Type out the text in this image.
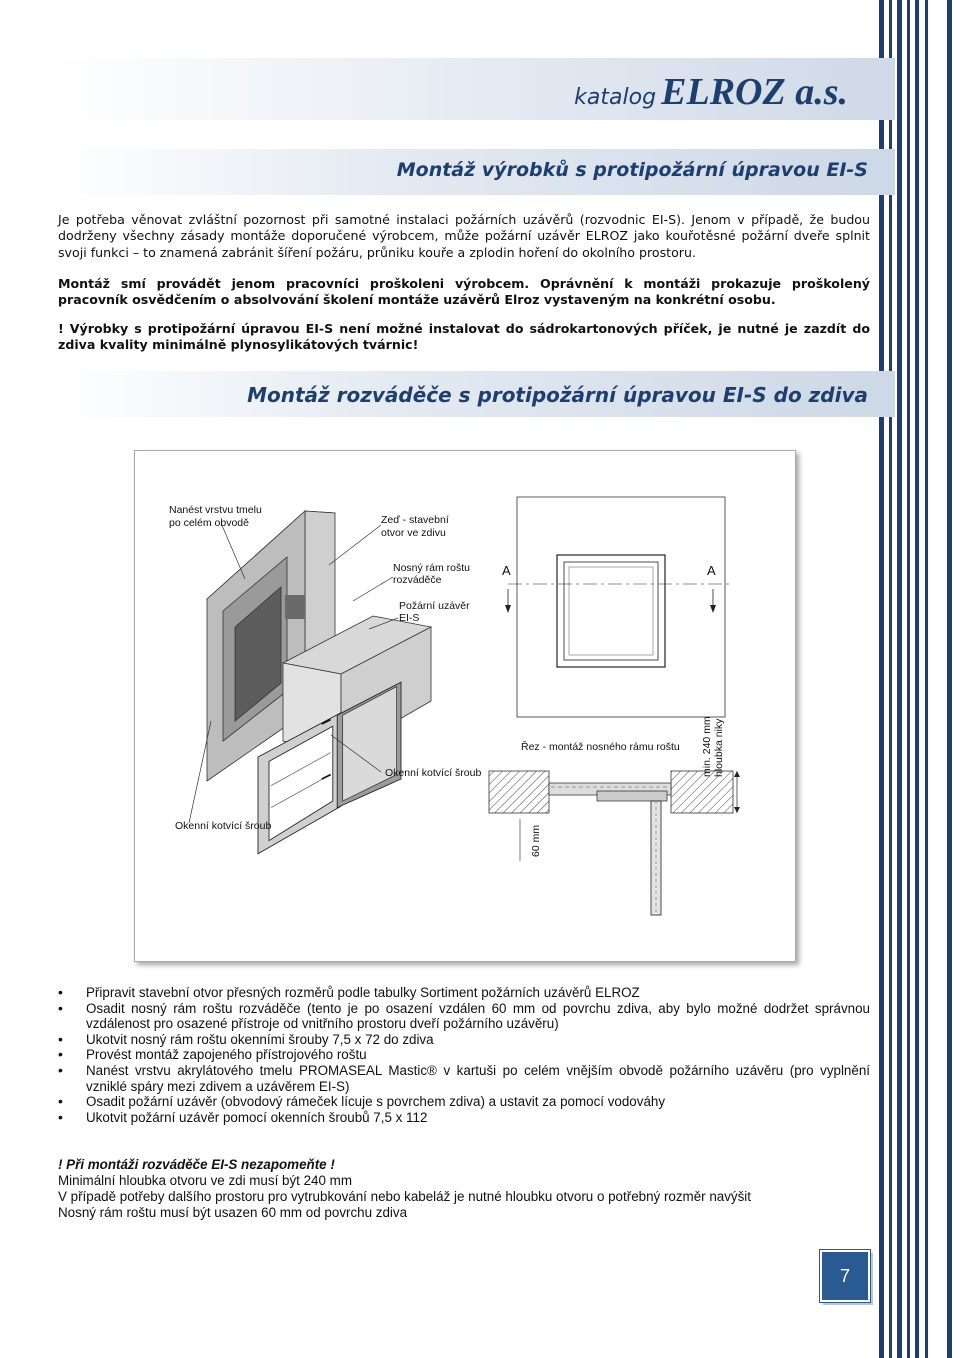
katalog ELROZ a.s.
Montáž výrobků s protipožární úpravou EI-S
Je potřeba věnovat zvláštní pozornost při samotné instalaci požárních uzávěrů (rozvodnic EI-S). Jenom v případě, že budou dodrženy všechny zásady montáže doporučené výrobcem, může požární uzávěr ELROZ jako kouřotěsné požární dveře splnit svoji funkci – to znamená zabránit šíření požáru, průniku kouře a zplodin hoření do okolního prostoru.
Montáž smí provádět jenom pracovníci proškoleni výrobcem. Oprávnění k montáži prokazuje proškolený pracovník osvědčením o absolvování školení montáže uzávěrů Elroz vystaveným na konkrétní osobu.
! Výrobky s protipožární úpravou EI-S není možné instalovat do sádrokartonových příček, je nutné je zazdít do zdiva kvality minimálně plynosylikátových tvárnic!
Montáž rozváděče s protipožární úpravou EI-S do zdiva
Nanést vrstvu tmelu
po celém obvodě	Zeď - stavební
otvor ve zdivu
Nosný rám roštu
rozváděče
Požární uzávěr
EI-S
Okenní kotvící šroub
Okenní kotvící šroub
A	A
Řez - montáž nosného rámu roštu min. 240 mm hloubka niky
60 mm
• Připravit stavební otvor přesných rozměrů podle tabulky Sortiment požárních uzávěrů ELROZ
• Osadit nosný rám roštu rozváděče (tento je po osazení vzdálen 60 mm od povrchu zdiva, aby bylo možné dodržet správnou vzdálenost pro osazené přístroje od vnitřního prostoru dveří požárního uzávěru)
• Ukotvit nosný rám roštu okenními šrouby 7,5 x 72 do zdiva
• Provést montáž zapojeného přístrojového roštu
• Nanést vrstvu akrylátového tmelu PROMASEAL Mastic® v kartuši po celém vnějším obvodě požárního uzávěru (pro vyplnění vzniklé spáry mezi zdivem a uzávěrem EI-S)
• Osadit požární uzávěr (obvodový rámeček lícuje s povrchem zdiva) a ustavit za pomocí vodováhy
• Ukotvit požární uzávěr pomocí okenních šroubů 7,5 x 112
! Při montáži rozváděče EI-S nezapomeňte !
Minimální hloubka otvoru ve zdi musí být 240 mm
V případě potřeby dalšího prostoru pro vytrubkování nebo kabeláž je nutné hloubku otvoru o potřebný rozměr navýšit
Nosný rám roštu musí být usazen 60 mm od povrchu zdiva
7
